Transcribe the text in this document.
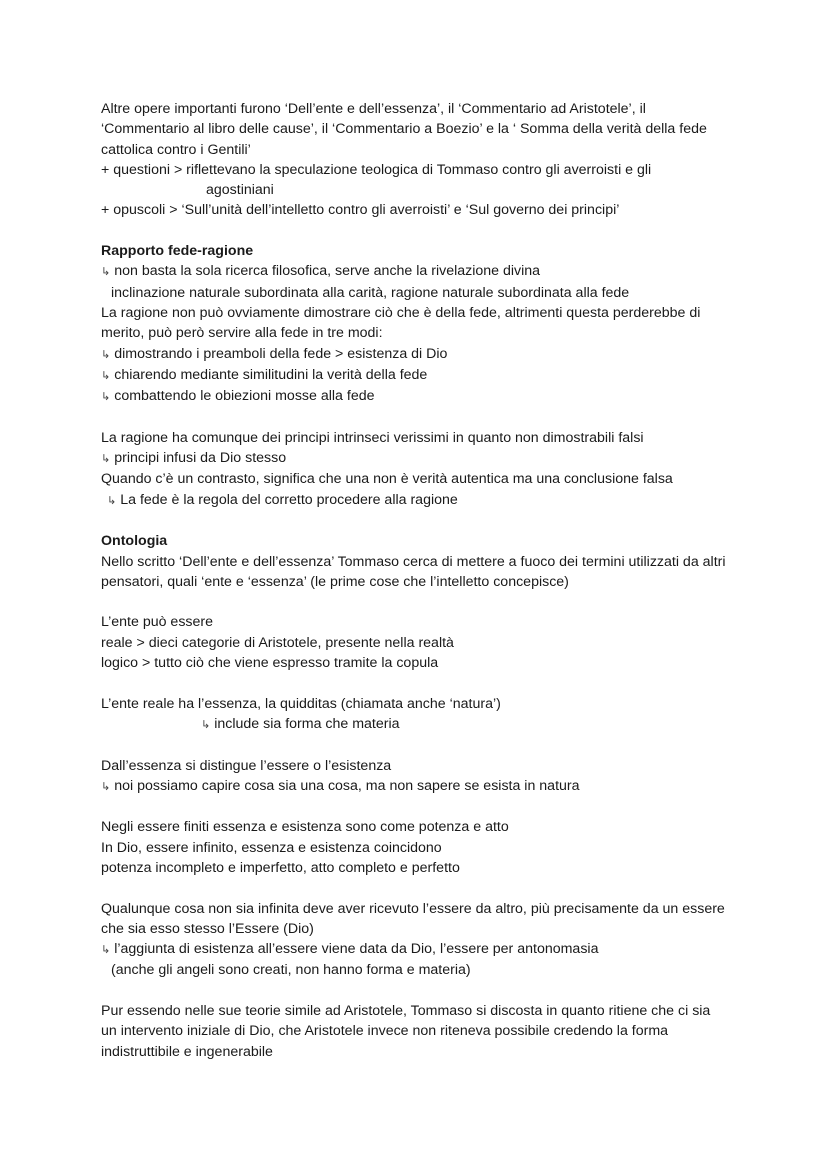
Altre opere importanti furono ‘Dell’ente e dell’essenza’, il ‘Commentario ad Aristotele’, il
‘Commentario al libro delle cause’, il ‘Commentario a Boezio’ e la ‘ Somma della verità della fede
cattolica contro i Gentili’
+ questioni > riflettevano la speculazione teologica di Tommaso contro gli averroisti e gli
agostiniani
+ opuscoli > ‘Sull’unità dell’intelletto contro gli averroisti’ e ‘Sul governo dei principi’
Rapporto fede-ragione
↳ non basta la sola ricerca filosofica, serve anche la rivelazione divina
inclinazione naturale subordinata alla carità, ragione naturale subordinata alla fede
La ragione non può ovviamente dimostrare ciò che è della fede, altrimenti questa perderebbe di
merito, può però servire alla fede in tre modi:
↳ dimostrando i preamboli della fede > esistenza di Dio
↳ chiarendo mediante similitudini la verità della fede
↳ combattendo le obiezioni mosse alla fede
La ragione ha comunque dei principi intrinseci verissimi in quanto non dimostrabili falsi
↳ principi infusi da Dio stesso
Quando c’è un contrasto, significa che una non è verità autentica ma una conclusione falsa
↳ La fede è la regola del corretto procedere alla ragione
Ontologia
Nello scritto ‘Dell’ente e dell’essenza’ Tommaso cerca di mettere a fuoco dei termini utilizzati da altri
pensatori, quali ‘ente e ‘essenza’ (le prime cose che l’intelletto concepisce)
L’ente può essere
reale > dieci categorie di Aristotele, presente nella realtà
logico > tutto ciò che viene espresso tramite la copula
L’ente reale ha l’essenza, la quidditas (chiamata anche ‘natura’)
↳ include sia forma che materia
Dall’essenza si distingue l’essere o l’esistenza
↳ noi possiamo capire cosa sia una cosa, ma non sapere se esista in natura
Negli essere finiti essenza e esistenza sono come potenza e atto
In Dio, essere infinito, essenza e esistenza coincidono
potenza incompleto e imperfetto, atto completo e perfetto
Qualunque cosa non sia infinita deve aver ricevuto l’essere da altro, più precisamente da un essere
che sia esso stesso l’Essere (Dio)
↳ l’aggiunta di esistenza all’essere viene data da Dio, l’essere per antonomasia
(anche gli angeli sono creati, non hanno forma e materia)
Pur essendo nelle sue teorie simile ad Aristotele, Tommaso si discosta in quanto ritiene che ci sia
un intervento iniziale di Dio, che Aristotele invece non riteneva possibile credendo la forma
indistruttibile e ingenerabile
